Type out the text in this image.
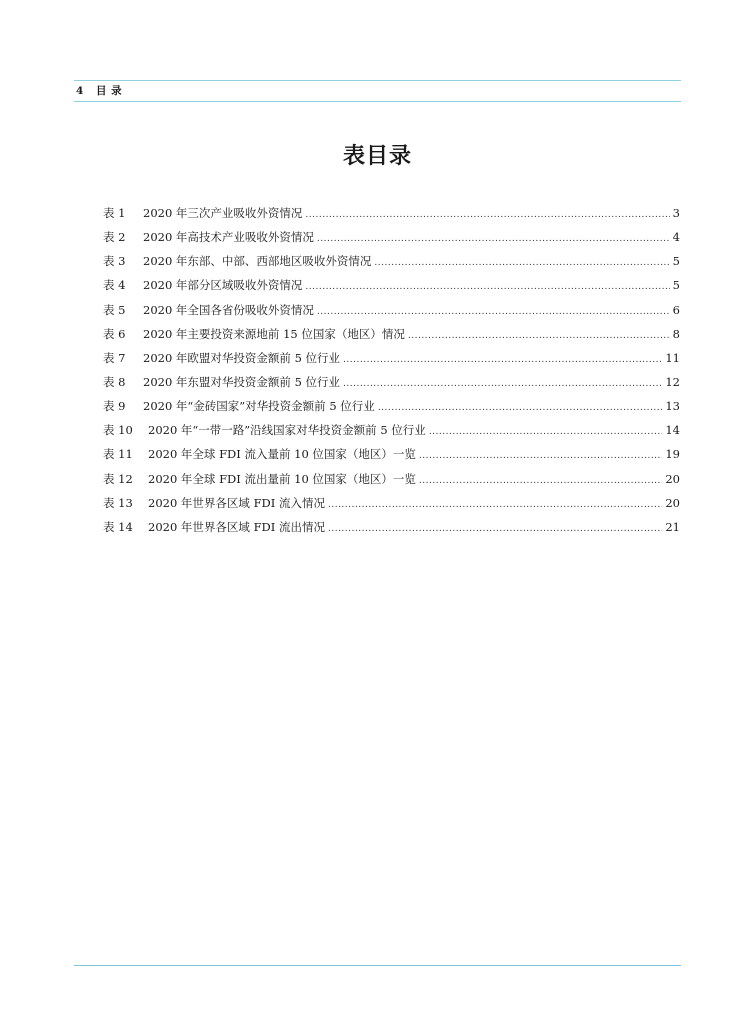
4 目 录
表目录
表 1	2020 年三次产业吸收外资情况 .....	3
表 2	2020 年高技术产业吸收外资情况 .....	4
表 3	2020 年东部、中部、西部地区吸收外资情况 .....	5
表 4	2020 年部分区域吸收外资情况 .....	5
表 5	2020 年全国各省份吸收外资情况 .....	6
表 6	2020 年主要投资来源地前 15 位国家（地区）情况 .....	8
表 7	2020 年欧盟对华投资金额前 5 位行业 .....	11
表 8	2020 年东盟对华投资金额前 5 位行业 .....	12
表 9	2020 年“金砖国家”对华投资金额前 5 位行业 .....	13
表 10	2020 年“一带一路”沿线国家对华投资金额前 5 位行业 .....	14
表 11	2020 年全球 FDI 流入量前 10 位国家（地区）一览 .....	19
表 12	2020 年全球 FDI 流出量前 10 位国家（地区）一览 .....	20
表 13	2020 年世界各区域 FDI 流入情况 .....	20
表 14	2020 年世界各区域 FDI 流出情况 .....	21
